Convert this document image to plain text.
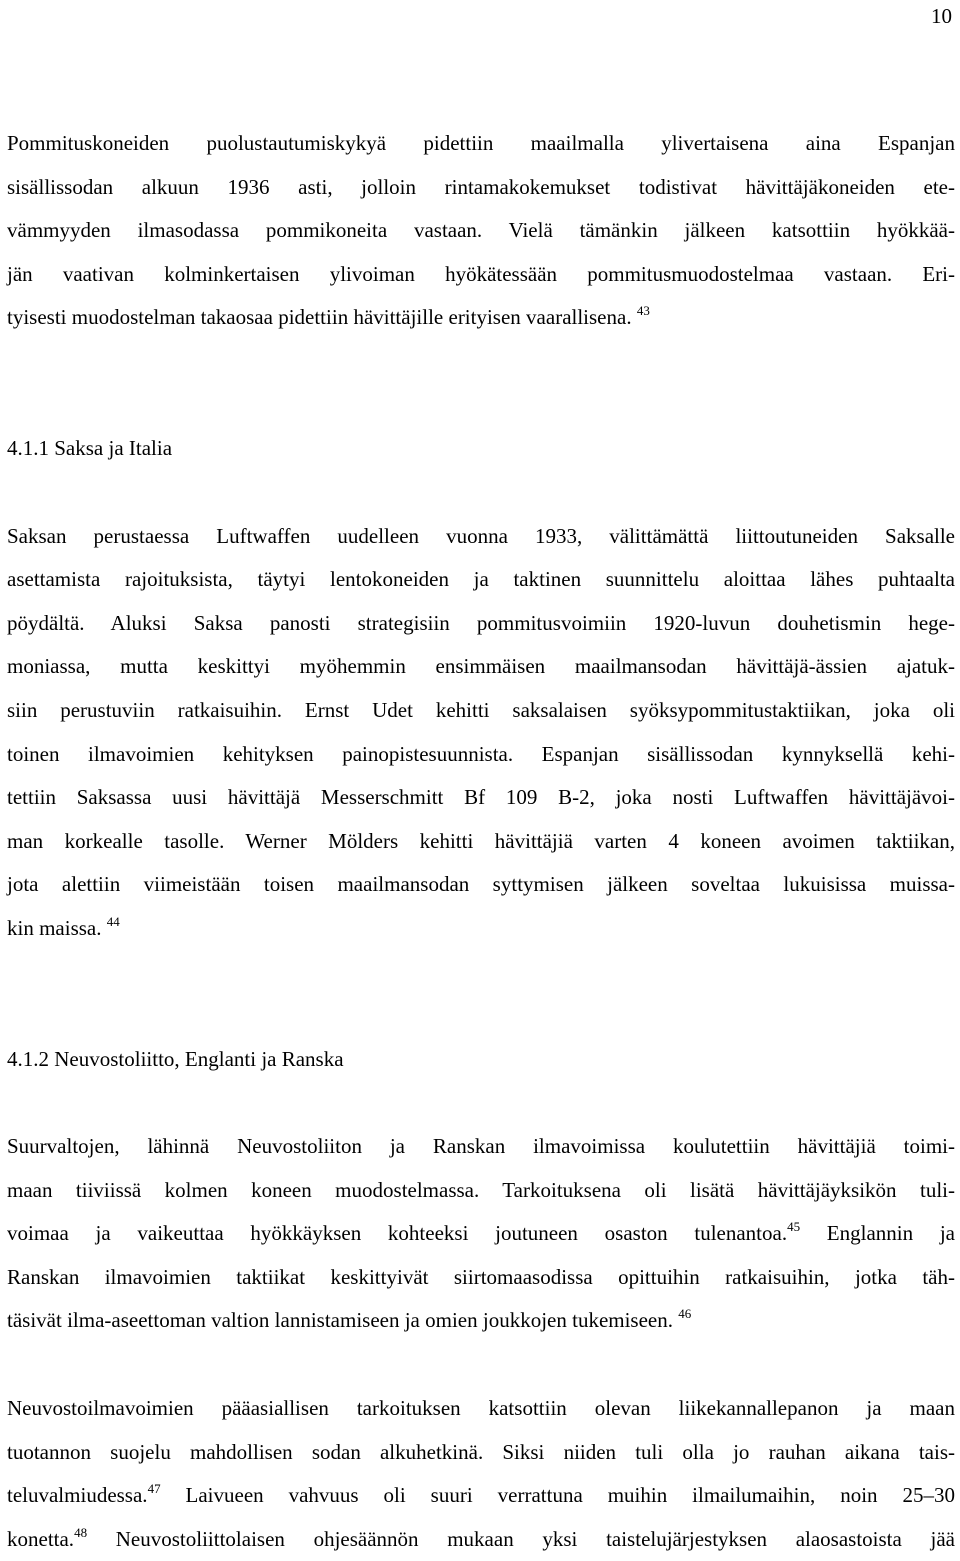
10

Pommituskoneiden puolustautumiskykyä pidettiin maailmalla ylivertaisena aina Espanjan
sisällissodan alkuun 1936 asti, jolloin rintamakokemukset todistivat hävittäjäkoneiden ete-
vämmyyden ilmasodassa pommikoneita vastaan. Vielä tämänkin jälkeen katsottiin hyökkää-
jän vaativan kolminkertaisen ylivoiman hyökätessään pommitusmuodostelmaa vastaan. Eri-
tyisesti muodostelman takaosaa pidettiin hävittäjille erityisen vaarallisena. $^{43}$

4.1.1 Saksa ja Italia

Saksan perustaessa Luftwaffen uudelleen vuonna 1933, välittämättä liittoutuneiden Saksalle
asettamista rajoituksista, täytyi lentokoneiden ja taktinen suunnittelu aloittaa lähes puhtaalta
pöydältä. Aluksi Saksa panosti strategisiin pommitusvoimiin 1920-luvun douhetismin hege-
moniassa, mutta keskittyi myöhemmin ensimmäisen maailmansodan hävittäjä-ässien ajatuk-
siin perustuviin ratkaisuihin. Ernst Udet kehitti saksalaisen syöksypommitustaktiikan, joka oli
toinen ilmavoimien kehityksen painopistesuunnista. Espanjan sisällissodan kynnyksellä kehi-
tettiin Saksassa uusi hävittäjä Messerschmitt Bf 109 B-2, joka nosti Luftwaffen hävittäjävoi-
man korkealle tasolle. Werner Mölders kehitti hävittäjiä varten 4 koneen avoimen taktiikan,
jota alettiin viimeistään toisen maailmansodan syttymisen jälkeen soveltaa lukuisissa muissa-
kin maissa. $^{44}$

4.1.2 Neuvostoliitto, Englanti ja Ranska

Suurvaltojen, lähinnä Neuvostoliiton ja Ranskan ilmavoimissa koulutettiin hävittäjiä toimi-
maan tiiviissä kolmen koneen muodostelmassa. Tarkoituksena oli lisätä hävittäjäyksikön tuli-
voimaa ja vaikeuttaa hyökkäyksen kohteeksi joutuneen osaston tulenantoa.$^{45}$ Englannin ja
Ranskan ilmavoimien taktiikat keskittyivät siirtomaasodissa opittuihin ratkaisuihin, jotka täh-
täsivät ilma-aseettoman valtion lannistamiseen ja omien joukkojen tukemiseen. $^{46}$

Neuvostoilmavoimien pääasiallisen tarkoituksen katsottiin olevan liikekannallepanon ja maan
tuotannon suojelu mahdollisen sodan alkuhetkinä. Siksi niiden tuli olla jo rauhan aikana tais-
teluvalmiudessa.$^{47}$ Laivueen vahvuus oli suuri verrattuna muihin ilmailumaihin, noin 25–30
konetta.$^{48}$ Neuvostoliittolaisen ohjesäännön mukaan yksi taistelujärjestyksen alaosastoista jää
